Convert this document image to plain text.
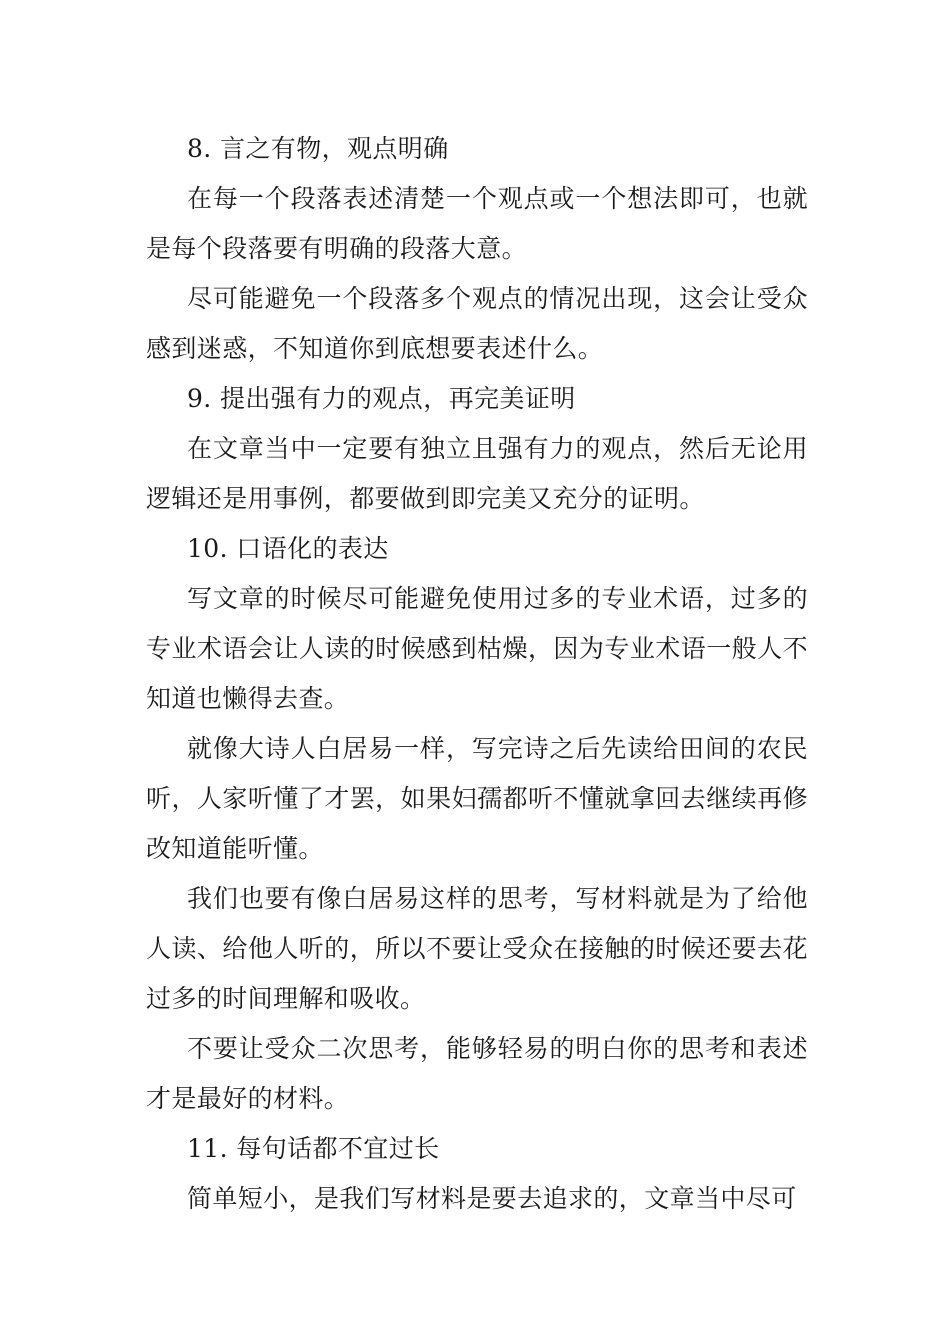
8. 言之有物，观点明确

在每一个段落表述清楚一个观点或一个想法即可，也就是每个段落要有明确的段落大意。

尽可能避免一个段落多个观点的情况出现，这会让受众感到迷惑，不知道你到底想要表述什么。

9. 提出强有力的观点，再完美证明

在文章当中一定要有独立且强有力的观点，然后无论用逻辑还是用事例，都要做到即完美又充分的证明。

10. 口语化的表达

写文章的时候尽可能避免使用过多的专业术语，过多的专业术语会让人读的时候感到枯燥，因为专业术语一般人不知道也懒得去查。

就像大诗人白居易一样，写完诗之后先读给田间的农民听，人家听懂了才罢，如果妇孺都听不懂就拿回去继续再修改知道能听懂。

我们也要有像白居易这样的思考，写材料就是为了给他人读、给他人听的，所以不要让受众在接触的时候还要去花过多的时间理解和吸收。

不要让受众二次思考，能够轻易的明白你的思考和表述才是最好的材料。

11. 每句话都不宜过长

简单短小，是我们写材料是要去追求的，文章当中尽可
